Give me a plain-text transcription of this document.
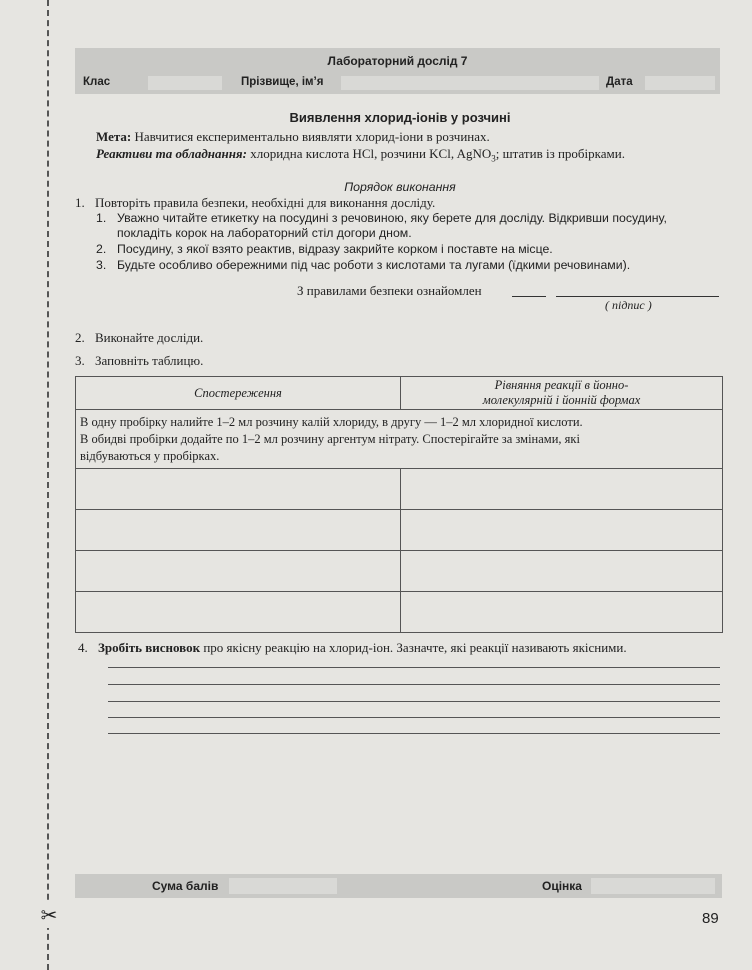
✂
Лабораторний дослід 7
Клас	Прізвище, ім’я	Дата
Виявлення хлорид-іонів у розчині
Мета: Навчитися експериментально виявляти хлорид-іони в розчинах.
Реактиви та обладнання: хлоридна кислота HCl, розчини KCl, AgNO$_3$; штатив із пробірками.
Порядок виконання
1. Повторіть правила безпеки, необхідні для виконання досліду.
1. Уважно читайте етикетку на посудині з речовиною, яку берете для досліду. Відкривши посудину,
покладіть корок на лабораторний стіл догори дном.
2. Посудину, з якої взято реактив, відразу закрийте корком і поставте на місце.
3. Будьте особливо обережними під час роботи з кислотами та лугами (їдкими речовинами).
З правилами безпеки ознайомлен
( підпис )
2. Виконайте досліди.
3. Заповніть таблицю.
Спостереження	Рівняння реакції в йонно-
молекулярній і йонній формах
В одну пробірку налийте 1–2 мл розчину калій хлориду, в другу — 1–2 мл хлоридної кислоти.
В обидві пробірки додайте по 1–2 мл розчину аргентум нітрату. Спостерігайте за змінами, які
відбуваються у пробірках.	

4. Зробіть висновок про якісну реакцію на хлорид-іон. Зазначте, які реакції називають якісними.
Сума балів	Оцінка
89
